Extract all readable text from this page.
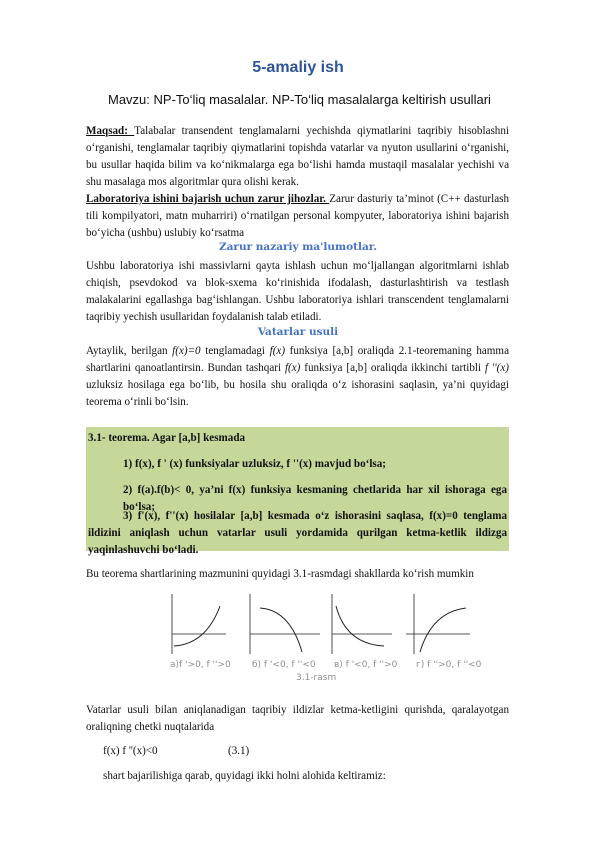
5-amaliy ish
Mavzu: NP-To‘liq masalalar. NP-To‘liq masalalarga keltirish usullari

Maqsad: Talabalar transendent tenglamalarni yechishda qiymatlarini taqribiy hisoblashni o‘rganishi, tenglamalar taqribiy qiymatlarini topishda vatarlar va nyuton usullarini o‘rganishi, bu usullar haqida bilim va ko‘nikmalarga ega bo‘lishi hamda mustaqil masalalar yechishi va shu masalaga mos algoritmlar qura olishi kerak.

Laboratoriya ishini bajarish uchun zarur jihozlar. Zarur dasturiy ta’minot (C++ dasturlash tili kompilyatori, matn muharriri) o‘rnatilgan personal kompyuter, laboratoriya ishini bajarish bo‘yicha (ushbu) uslubiy ko‘rsatma

Zarur nazariy ma'lumotlar.

Ushbu laboratoriya ishi massivlarni qayta ishlash uchun mo‘ljallangan algoritmlarni ishlab chiqish, psevdokod va blok-sxema ko‘rinishida ifodalash, dasturlashtirish va testlash malakalarini egallashga bag‘ishlangan. Ushbu laboratoriya ishlari transcendent tenglamalarni taqribiy yechish usullaridan foydalanish talab etiladi.

Vatarlar usuli

Aytaylik, berilgan f(x)=0 tenglamadagi f(x) funksiya [a,b] oraliqda 2.1-teoremaning hamma shartlarini qanoatlantirsin. Bundan tashqari f(x) funksiya [a,b] oraliqda ikkinchi tartibli f ''(x) uzluksiz hosilaga ega bo‘lib, bu hosila shu oraliqda o‘z ishorasini saqlasin, ya’ni quyidagi teorema o‘rinli bo‘lsin.

3.1- teorema. Agar [a,b] kesmada

1) f(x), f ' (x) funksiyalar uzluksiz, f ''(x) mavjud bo‘lsa;

2) f(a).f(b)< 0, ya’ni f(x) funksiya kesmaning chetlarida har xil ishoraga ega bo‘lsa;

3) f'(x), f''(x) hosilalar [a,b] kesmada o‘z ishorasini saqlasa, f(x)=0 tenglama ildizini aniqlash uchun vatarlar usuli yordamida qurilgan ketma-ketlik ildizga yaqinlashuvchi bo‘ladi.

Bu teorema shartlarining mazmunini quyidagi 3.1-rasmdagi shakllarda ko‘rish mumkin
а)f '>0, f ''>0 б) f '<0, f ''<0 в) f '<0, f ''>0 г) f ''>0, f ''<0
3.1-rasm

Vatarlar usuli bilan aniqlanadigan taqribiy ildizlar ketma-ketligini qurishda, qaralayotgan oraliqning chetki nuqtalarida

f(x) f ''(x)<0	(3.1)
shart bajarilishiga qarab, quyidagi ikki holni alohida keltiramiz:
